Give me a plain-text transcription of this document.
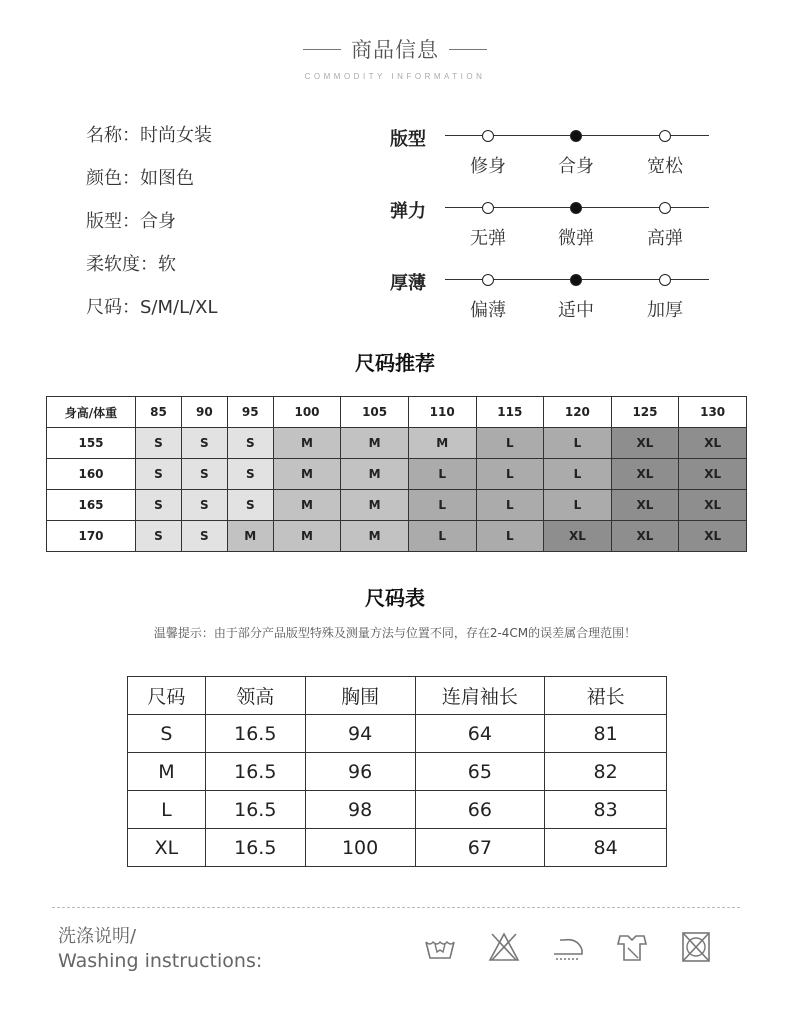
商品信息
COMMODITY INFORMATION
名称：时尚女装
颜色：如图色
版型：合身
柔软度：软
尺码：S/M/L/XL
版型
修身	合身	宽松
弹力
无弹	微弹	高弹
厚薄
偏薄	适中	加厚
尺码推荐
身高/体重	85	90	95	100	105	110	115	120	125	130
155	S	S	S	M	M	M	L	L	XL	XL
160	S	S	S	M	M	L	L	L	XL	XL
165	S	S	S	M	M	L	L	L	XL	XL
170	S	S	M	M	M	L	L	XL	XL	XL
尺码表
温馨提示：由于部分产品版型特殊及测量方法与位置不同，存在2-4CM的误差属合理范围！
尺码	领高	胸围	连肩袖长	裙长
S	16.5	94	64	81
M	16.5	96	65	82
L	16.5	98	66	83
XL	16.5	100	67	84
洗涤说明/
Washing instructions:
